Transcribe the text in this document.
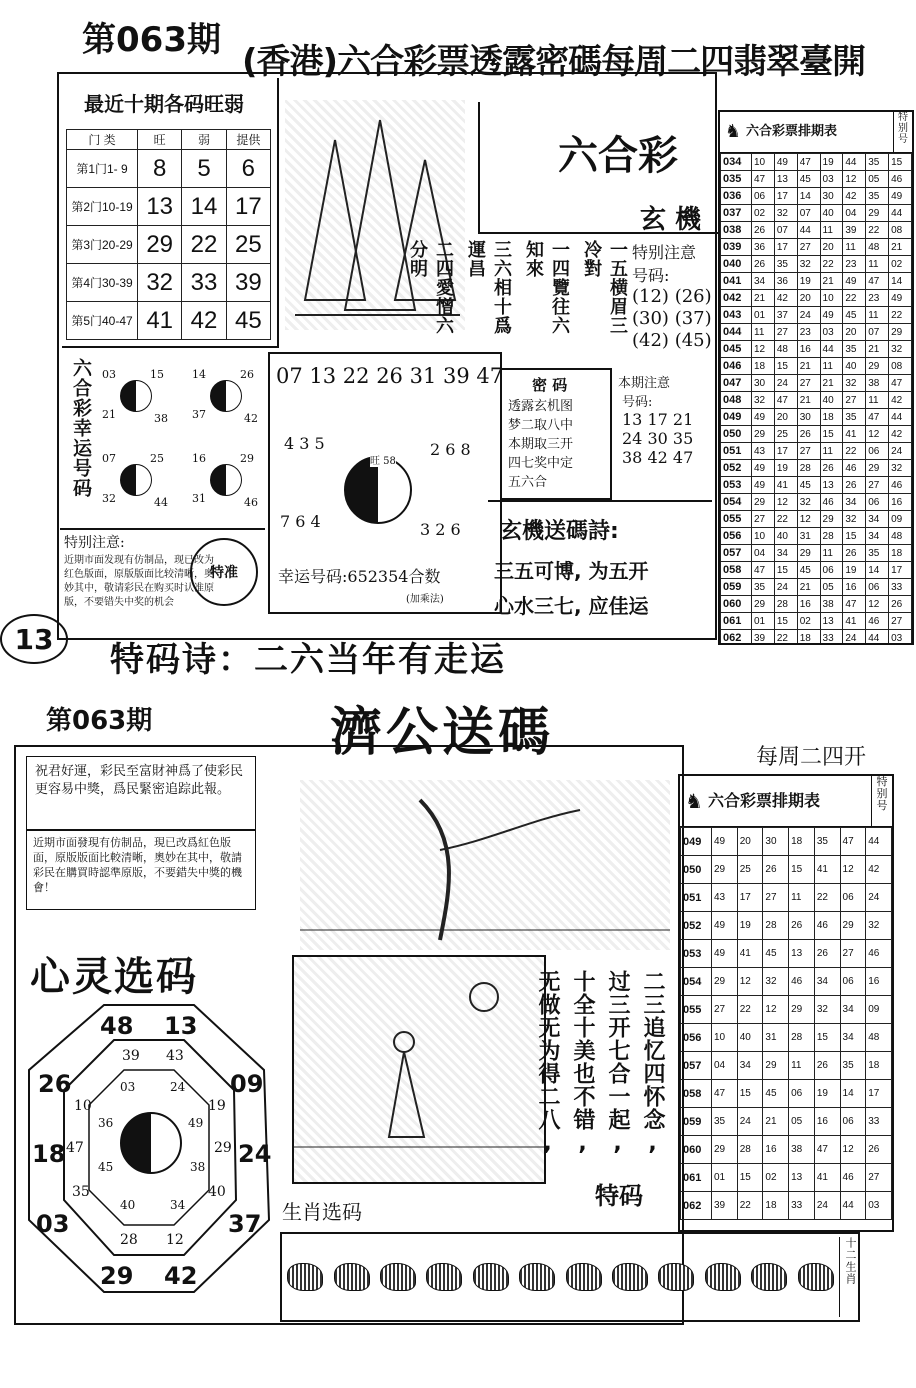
第063期
(香港)六合彩票透露密碼每周二四翡翠臺開
最近十期各码旺弱
门 类	旺	弱	提供
第1门1- 9	8	5	6
第2门10-19	13	14	17
第3门20-29	29	22	25
第4门30-39	32	33	39
第5门40-47	41	42	45
六合彩
玄 機
一五横眉三冷對
一四覽往六知來
三六相十爲運昌
二四愛憎六分明	特别注意
号码:
(12) (26)
(30) (37)
(42) (45)
六合彩幸运号码 03	15
21	38
14	26
37	42
07	25
32	44
16	29
31	46
特别注意:
近期市面发现有仿制品，现已改为红色版面，原版版面比较清晰，奥妙其中，敬请彩民在购买时认准原版，不要错失中奖的机会
特准
07 13 22 26 31 39 47
4 3 5	2 6 8
旺 58
7 6 4	3 2 6
幸运号码:652354合数
(加乘法)
密 码
透露玄机图
梦二取八中
本期取三开
四七奖中定
五六合
本期注意
号码:
13 17 21
24 30 35
38 42 47
玄機送碼詩:
三五可博, 为五开
心水三七, 应佳运
♞ 六合彩票排期表
特别号
034	10	49	47	19	44	35	15
035	47	13	45	03	12	05	46
036	06	17	14	30	42	35	49
037	02	32	07	40	04	29	44
038	26	07	44	11	39	22	08
039	36	17	27	20	11	48	21
040	26	35	32	22	23	11	02
041	34	36	19	21	49	47	14
042	21	42	20	10	22	23	49
043	01	37	24	49	45	11	22
044	11	27	23	03	20	07	29
045	12	48	16	44	35	21	32
046	18	15	21	11	40	29	08
047	30	24	27	21	32	38	47
048	32	47	21	40	27	11	42
049	49	20	30	18	35	47	44
050	29	25	26	15	41	12	42
051	43	17	27	11	22	06	24
052	49	19	28	26	46	29	32
053	49	41	45	13	26	27	46
054	29	12	32	46	34	06	16
055	27	22	12	29	32	34	09
056	10	40	31	28	15	34	48
057	04	34	29	11	26	35	18
058	47	15	45	06	19	14	17
059	35	24	21	05	16	06	33
060	29	28	16	38	47	12	26
061	01	15	02	13	41	46	27
062	39	22	18	33	24	44	03
13
特码诗：二六当年有走运
第063期	濟公送碼	每周二四开
祝君好運，彩民至富財神爲了使彩民更容易中獎，爲民緊密追踪此報。
近期市面發現有仿制品，現已改爲紅色版面，原版版面比較清晰，奧妙在其中，敬請彩民在購買時認準原版，不要錯失中獎的機會！
心灵选码
13
09
24
37
42
29
03
18
26
48
43
19
29
40
12
28
35
47
10
39
24
49
38
34
40
45
36
03	二三追忆四怀念,
过三开七合一起,
十全十美也不错,
无做无为得二八,
特码
生肖选码
十二生肖
♞ 六合彩票排期表
特别号
049	49	20	30	18	35	47	44
050	29	25	26	15	41	12	42
051	43	17	27	11	22	06	24
052	49	19	28	26	46	29	32
053	49	41	45	13	26	27	46
054	29	12	32	46	34	06	16
055	27	22	12	29	32	34	09
056	10	40	31	28	15	34	48
057	04	34	29	11	26	35	18
058	47	15	45	06	19	14	17
059	35	24	21	05	16	06	33
060	29	28	16	38	47	12	26
061	01	15	02	13	41	46	27
062	39	22	18	33	24	44	03
